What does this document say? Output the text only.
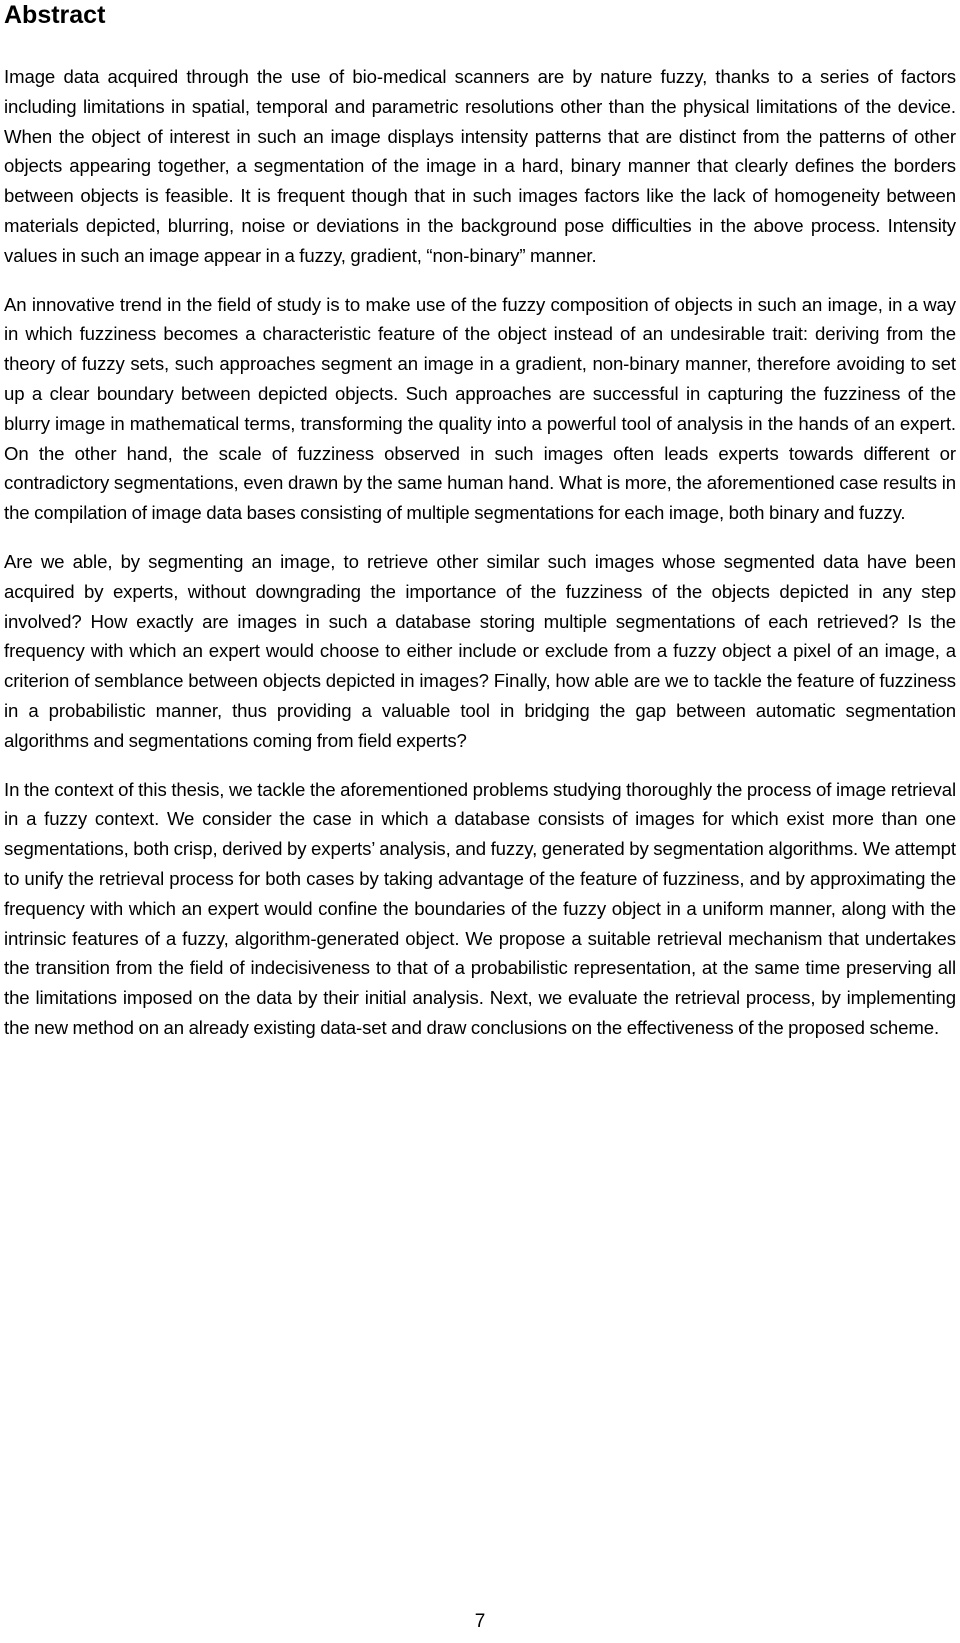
Abstract

Image data acquired through the use of bio-medical scanners are by nature fuzzy, thanks to a series of factors including limitations in spatial, temporal and parametric resolutions other than the physical limitations of the device. When the object of interest in such an image displays intensity patterns that are distinct from the patterns of other objects appearing together, a segmentation of the image in a hard, binary manner that clearly defines the borders between objects is feasible. It is frequent though that in such images factors like the lack of homogeneity between materials depicted, blurring, noise or deviations in the background pose difficulties in the above process. Intensity values in such an image appear in a fuzzy, gradient, “non-binary” manner.

An innovative trend in the field of study is to make use of the fuzzy composition of objects in such an image, in a way in which fuzziness becomes a characteristic feature of the object instead of an undesirable trait: deriving from the theory of fuzzy sets, such approaches segment an image in a gradient, non-binary manner, therefore avoiding to set up a clear boundary between depicted objects. Such approaches are successful in capturing the fuzziness of the blurry image in mathematical terms, transforming the quality into a powerful tool of analysis in the hands of an expert. On the other hand, the scale of fuzziness observed in such images often leads experts towards different or contradictory segmentations, even drawn by the same human hand. What is more, the aforementioned case results in the compilation of image data bases consisting of multiple segmentations for each image, both binary and fuzzy.

Are we able, by segmenting an image, to retrieve other similar such images whose segmented data have been acquired by experts, without downgrading the importance of the fuzziness of the objects depicted in any step involved? How exactly are images in such a database storing multiple segmentations of each retrieved? Is the frequency with which an expert would choose to either include or exclude from a fuzzy object a pixel of an image, a criterion of semblance between objects depicted in images? Finally, how able are we to tackle the feature of fuzziness in a probabilistic manner, thus providing a valuable tool in bridging the gap between automatic segmentation algorithms and segmentations coming from field experts?

In the context of this thesis, we tackle the aforementioned problems studying thoroughly the process of image retrieval in a fuzzy context. We consider the case in which a database consists of images for which exist more than one segmentations, both crisp, derived by experts’ analysis, and fuzzy, generated by segmentation algorithms. We attempt to unify the retrieval process for both cases by taking advantage of the feature of fuzziness, and by approximating the frequency with which an expert would confine the boundaries of the fuzzy object in a uniform manner, along with the intrinsic features of a fuzzy, algorithm-generated object. We propose a suitable retrieval mechanism that undertakes the transition from the field of indecisiveness to that of a probabilistic representation, at the same time preserving all the limitations imposed on the data by their initial analysis. Next, we evaluate the retrieval process, by implementing the new method on an already existing data-set and draw conclusions on the effectiveness of the proposed scheme.

7
